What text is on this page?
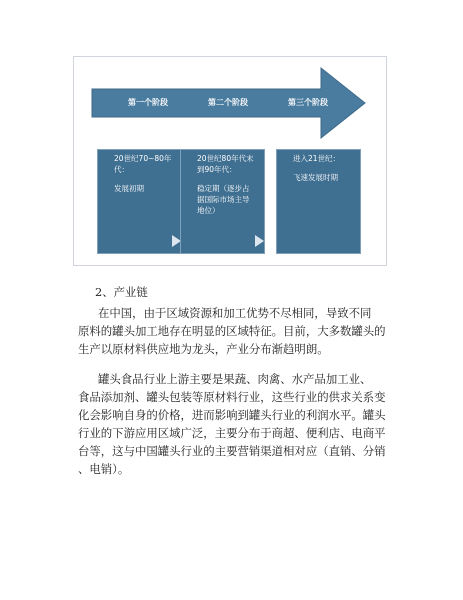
第一个阶段	第二个阶段	第三个阶段
20世纪70~80年
代：
发展初期
20世纪80年代末
到90年代：
稳定期（逐步占
据国际市场主导
地位）
进入21世纪：
飞速发展时期
2、产业链
在中国，由于区域资源和加工优势不尽相同，导致不同
原料的罐头加工地存在明显的区域特征。目前，大多数罐头的
生产以原材料供应地为龙头，产业分布渐趋明朗。
罐头食品行业上游主要是果蔬、肉禽、水产品加工业、
食品添加剂、罐头包装等原材料行业，这些行业的供求关系变
化会影响自身的价格，进而影响到罐头行业的利润水平。罐头
行业的下游应用区域广泛，主要分布于商超、便利店、电商平
台等，这与中国罐头行业的主要营销渠道相对应（直销、分销
、电销）。
